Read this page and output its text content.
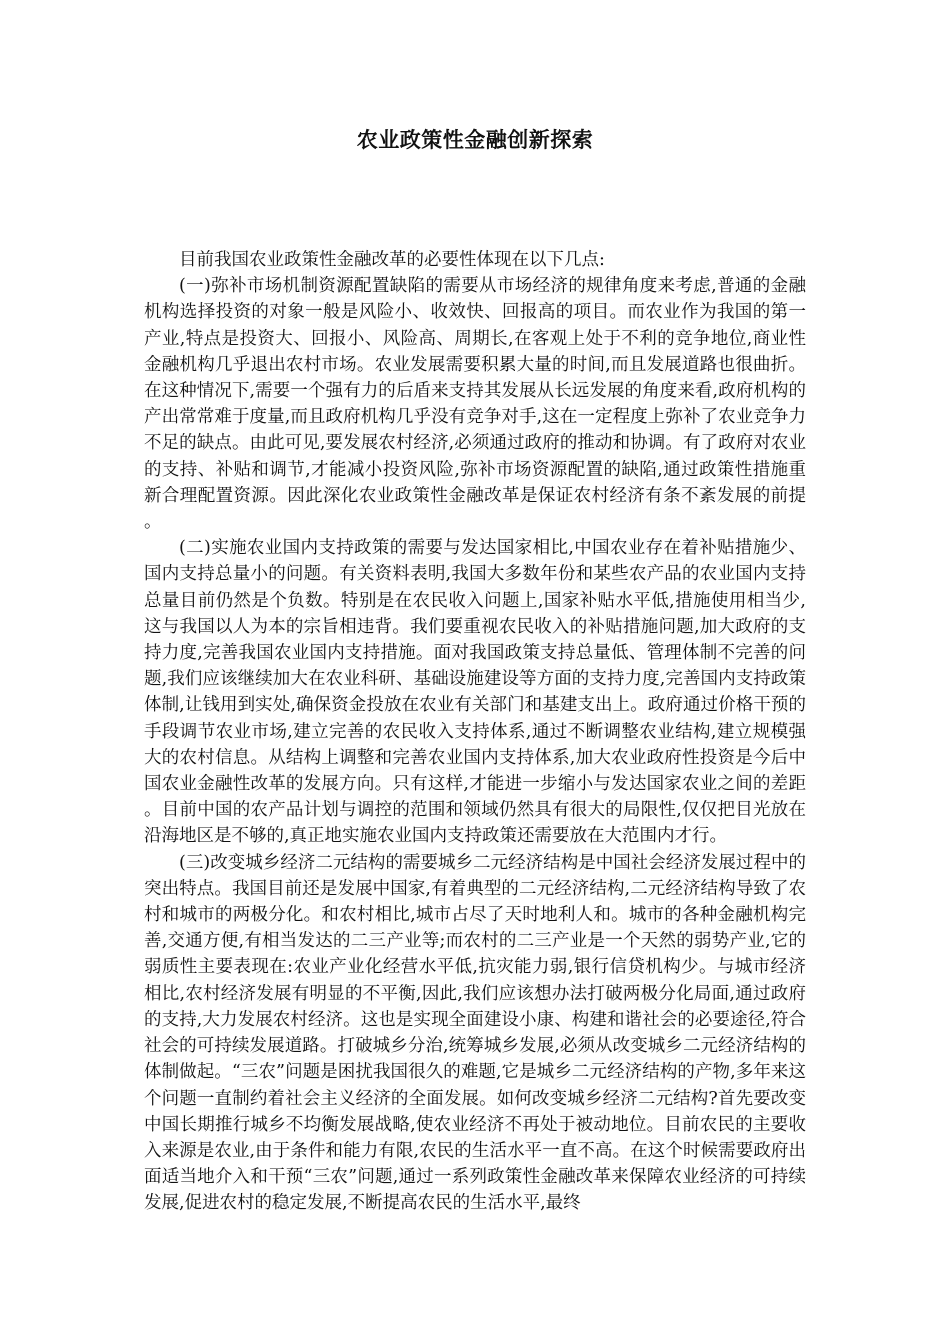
农业政策性金融创新探索

目前我国农业政策性金融改革的必要性体现在以下几点:

(一)弥补市场机制资源配置缺陷的需要从市场经济的规律角度来考虑,普通的金融机构选择投资的对象一般是风险小、收效快、回报高的项目。而农业作为我国的第一产业,特点是投资大、回报小、风险高、周期长,在客观上处于不利的竞争地位,商业性金融机构几乎退出农村市场。农业发展需要积累大量的时间,而且发展道路也很曲折。在这种情况下,需要一个强有力的后盾来支持其发展从长远发展的角度来看,政府机构的产出常常难于度量,而且政府机构几乎没有竞争对手,这在一定程度上弥补了农业竞争力不足的缺点。由此可见,要发展农村经济,必须通过政府的推动和协调。有了政府对农业的支持、补贴和调节,才能减小投资风险,弥补市场资源配置的缺陷,通过政策性措施重新合理配置资源。因此深化农业政策性金融改革是保证农村经济有条不紊发展的前提。

(二)实施农业国内支持政策的需要与发达国家相比,中国农业存在着补贴措施少、国内支持总量小的问题。有关资料表明,我国大多数年份和某些农产品的农业国内支持总量目前仍然是个负数。特别是在农民收入问题上,国家补贴水平低,措施使用相当少,这与我国以人为本的宗旨相违背。我们要重视农民收入的补贴措施问题,加大政府的支持力度,完善我国农业国内支持措施。面对我国政策支持总量低、管理体制不完善的问题,我们应该继续加大在农业科研、基础设施建设等方面的支持力度,完善国内支持政策体制,让钱用到实处,确保资金投放在农业有关部门和基建支出上。政府通过价格干预的手段调节农业市场,建立完善的农民收入支持体系,通过不断调整农业结构,建立规模强大的农村信息。从结构上调整和完善农业国内支持体系,加大农业政府性投资是今后中国农业金融性改革的发展方向。只有这样,才能进一步缩小与发达国家农业之间的差距。目前中国的农产品计划与调控的范围和领域仍然具有很大的局限性,仅仅把目光放在沿海地区是不够的,真正地实施农业国内支持政策还需要放在大范围内才行。

(三)改变城乡经济二元结构的需要城乡二元经济结构是中国社会经济发展过程中的突出特点。我国目前还是发展中国家,有着典型的二元经济结构,二元经济结构导致了农村和城市的两极分化。和农村相比,城市占尽了天时地利人和。城市的各种金融机构完善,交通方便,有相当发达的二三产业等;而农村的二三产业是一个天然的弱势产业,它的弱质性主要表现在:农业产业化经营水平低,抗灾能力弱,银行信贷机构少。与城市经济相比,农村经济发展有明显的不平衡,因此,我们应该想办法打破两极分化局面,通过政府的支持,大力发展农村经济。这也是实现全面建设小康、构建和谐社会的必要途径,符合社会的可持续发展道路。打破城乡分治,统筹城乡发展,必须从改变城乡二元经济结构的体制做起。“三农”问题是困扰我国很久的难题,它是城乡二元经济结构的产物,多年来这个问题一直制约着社会主义经济的全面发展。如何改变城乡经济二元结构?首先要改变中国长期推行城乡不均衡发展战略,使农业经济不再处于被动地位。目前农民的主要收入来源是农业,由于条件和能力有限,农民的生活水平一直不高。在这个时候需要政府出面适当地介入和干预“三农”问题,通过一系列政策性金融改革来保障农业经济的可持续发展,促进农村的稳定发展,不断提高农民的生活水平,最终
